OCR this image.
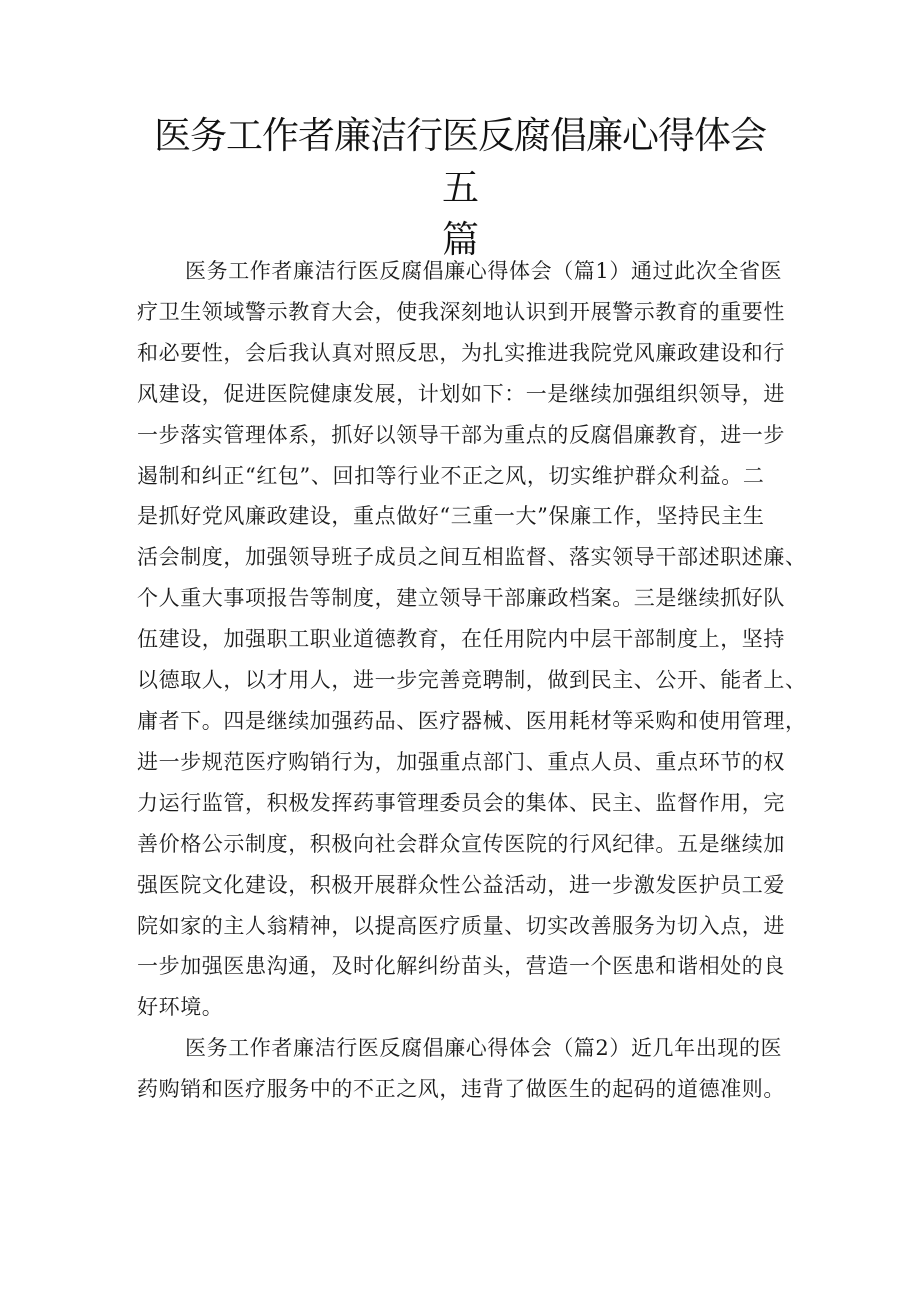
医务工作者廉洁行医反腐倡廉心得体会五
篇
医务工作者廉洁行医反腐倡廉心得体会（篇1）通过此次全省医
疗卫生领域警示教育大会，使我深刻地认识到开展警示教育的重要性
和必要性，会后我认真对照反思，为扎实推进我院党风廉政建设和行
风建设，促进医院健康发展，计划如下：一是继续加强组织领导，进
一步落实管理体系，抓好以领导干部为重点的反腐倡廉教育，进一步
遏制和纠正“红包”、回扣等行业不正之风，切实维护群众利益。二
是抓好党风廉政建设，重点做好“三重一大”保廉工作，坚持民主生
活会制度，加强领导班子成员之间互相监督、落实领导干部述职述廉、
个人重大事项报告等制度，建立领导干部廉政档案。三是继续抓好队
伍建设，加强职工职业道德教育，在任用院内中层干部制度上，坚持
以德取人，以才用人，进一步完善竞聘制，做到民主、公开、能者上、
庸者下。四是继续加强药品、医疗器械、医用耗材等采购和使用管理，
进一步规范医疗购销行为，加强重点部门、重点人员、重点环节的权
力运行监管，积极发挥药事管理委员会的集体、民主、监督作用，完
善价格公示制度，积极向社会群众宣传医院的行风纪律。五是继续加
强医院文化建设，积极开展群众性公益活动，进一步激发医护员工爱
院如家的主人翁精神，以提高医疗质量、切实改善服务为切入点，进
一步加强医患沟通，及时化解纠纷苗头，营造一个医患和谐相处的良
好环境。
医务工作者廉洁行医反腐倡廉心得体会（篇2）近几年出现的医
药购销和医疗服务中的不正之风，违背了做医生的起码的道德准则。
